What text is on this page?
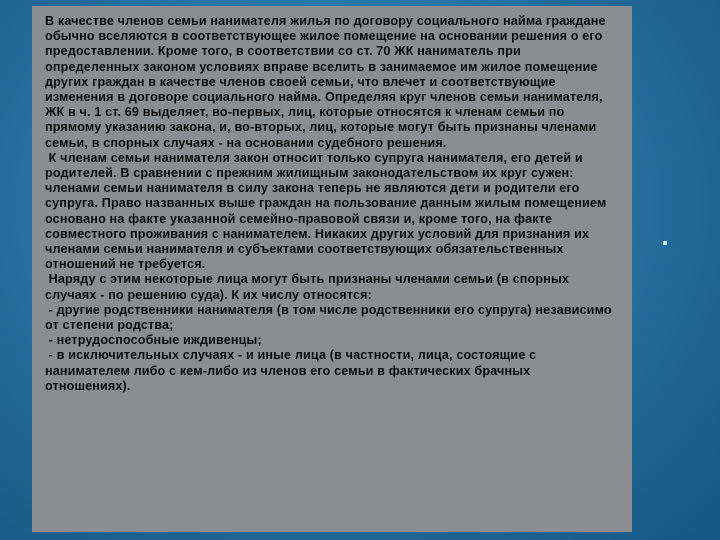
В качестве членов семьи нанимателя жилья по договору социального найма граждане обычно вселяются в соответствующее жилое помещение на основании решения о его предоставлении. Кроме того, в соответствии со ст. 70 ЖК наниматель при определенных законом условиях вправе вселить в занимаемое им жилое помещение других граждан в качестве членов своей семьи, что влечет и соответствующие изменения в договоре социального найма. Определяя круг членов семьи нанимателя, ЖК в ч. 1 ст. 69 выделяет, во-первых, лиц, которые относятся к членам семьи по прямому указанию закона, и, во-вторых, лиц, которые могут быть признаны членами семьи, в спорных случаях - на основании судебного решения.

К членам семьи нанимателя закон относит только супруга нанимателя, его детей и родителей. В сравнении с прежним жилищным законодательством их круг сужен: членами семьи нанимателя в силу закона теперь не являются дети и родители его супруга. Право названных выше граждан на пользование данным жилым помещением основано на факте указанной семейно-правовой связи и, кроме того, на факте совместного проживания с нанимателем. Никаких других условий для признания их членами семьи нанимателя и субъектами соответствующих обязательственных отношений не требуется.

Наряду с этим некоторые лица могут быть признаны членами семьи (в спорных случаях - по решению суда). К их числу относятся:

- другие родственники нанимателя (в том числе родственники его супруга) независимо от степени родства;

- нетрудоспособные иждивенцы;

- в исключительных случаях - и иные лица (в частности, лица, состоящие с нанимателем либо с кем-либо из членов его семьи в фактических брачных отношениях).
